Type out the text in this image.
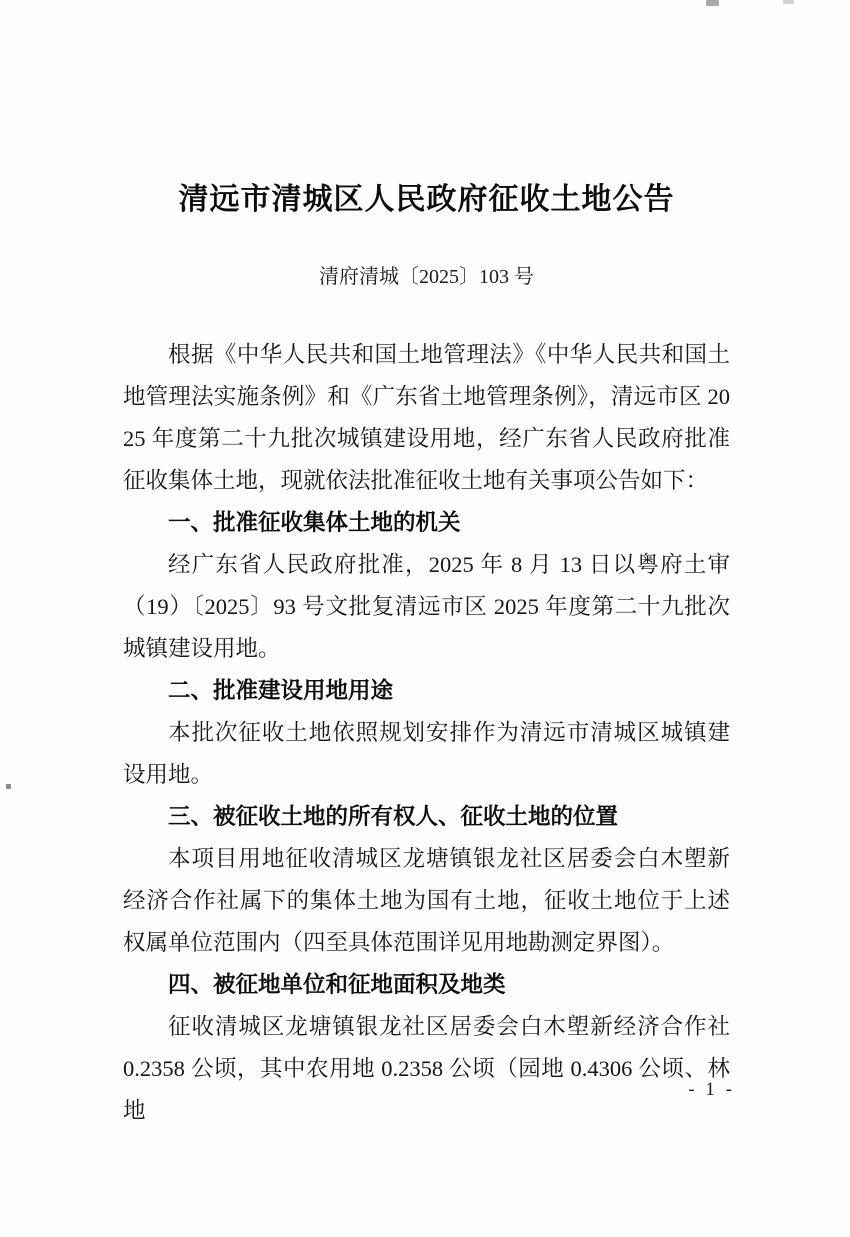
清远市清城区人民政府征收土地公告
清府清城〔2025〕103 号

根据《中华人民共和国土地管理法》《中华人民共和国土地管理法实施条例》和《广东省土地管理条例》，清远市区 2025 年度第二十九批次城镇建设用地，经广东省人民政府批准征收集体土地，现就依法批准征收土地有关事项公告如下：

一、批准征收集体土地的机关

经广东省人民政府批准，2025 年 8 月 13 日以粤府土审（19）〔2025〕93 号文批复清远市区 2025 年度第二十九批次城镇建设用地。

二、批准建设用地用途

本批次征收土地依照规划安排作为清远市清城区城镇建设用地。

三、被征收土地的所有权人、征收土地的位置

本项目用地征收清城区龙塘镇银龙社区居委会白木塱新经济合作社属下的集体土地为国有土地，征收土地位于上述权属单位范围内（四至具体范围详见用地勘测定界图）。

四、被征地单位和征地面积及地类

征收清城区龙塘镇银龙社区居委会白木塱新经济合作社 0.2358 公顷，其中农用地 0.2358 公顷（园地 0.4306 公顷、林地

- 1 -
